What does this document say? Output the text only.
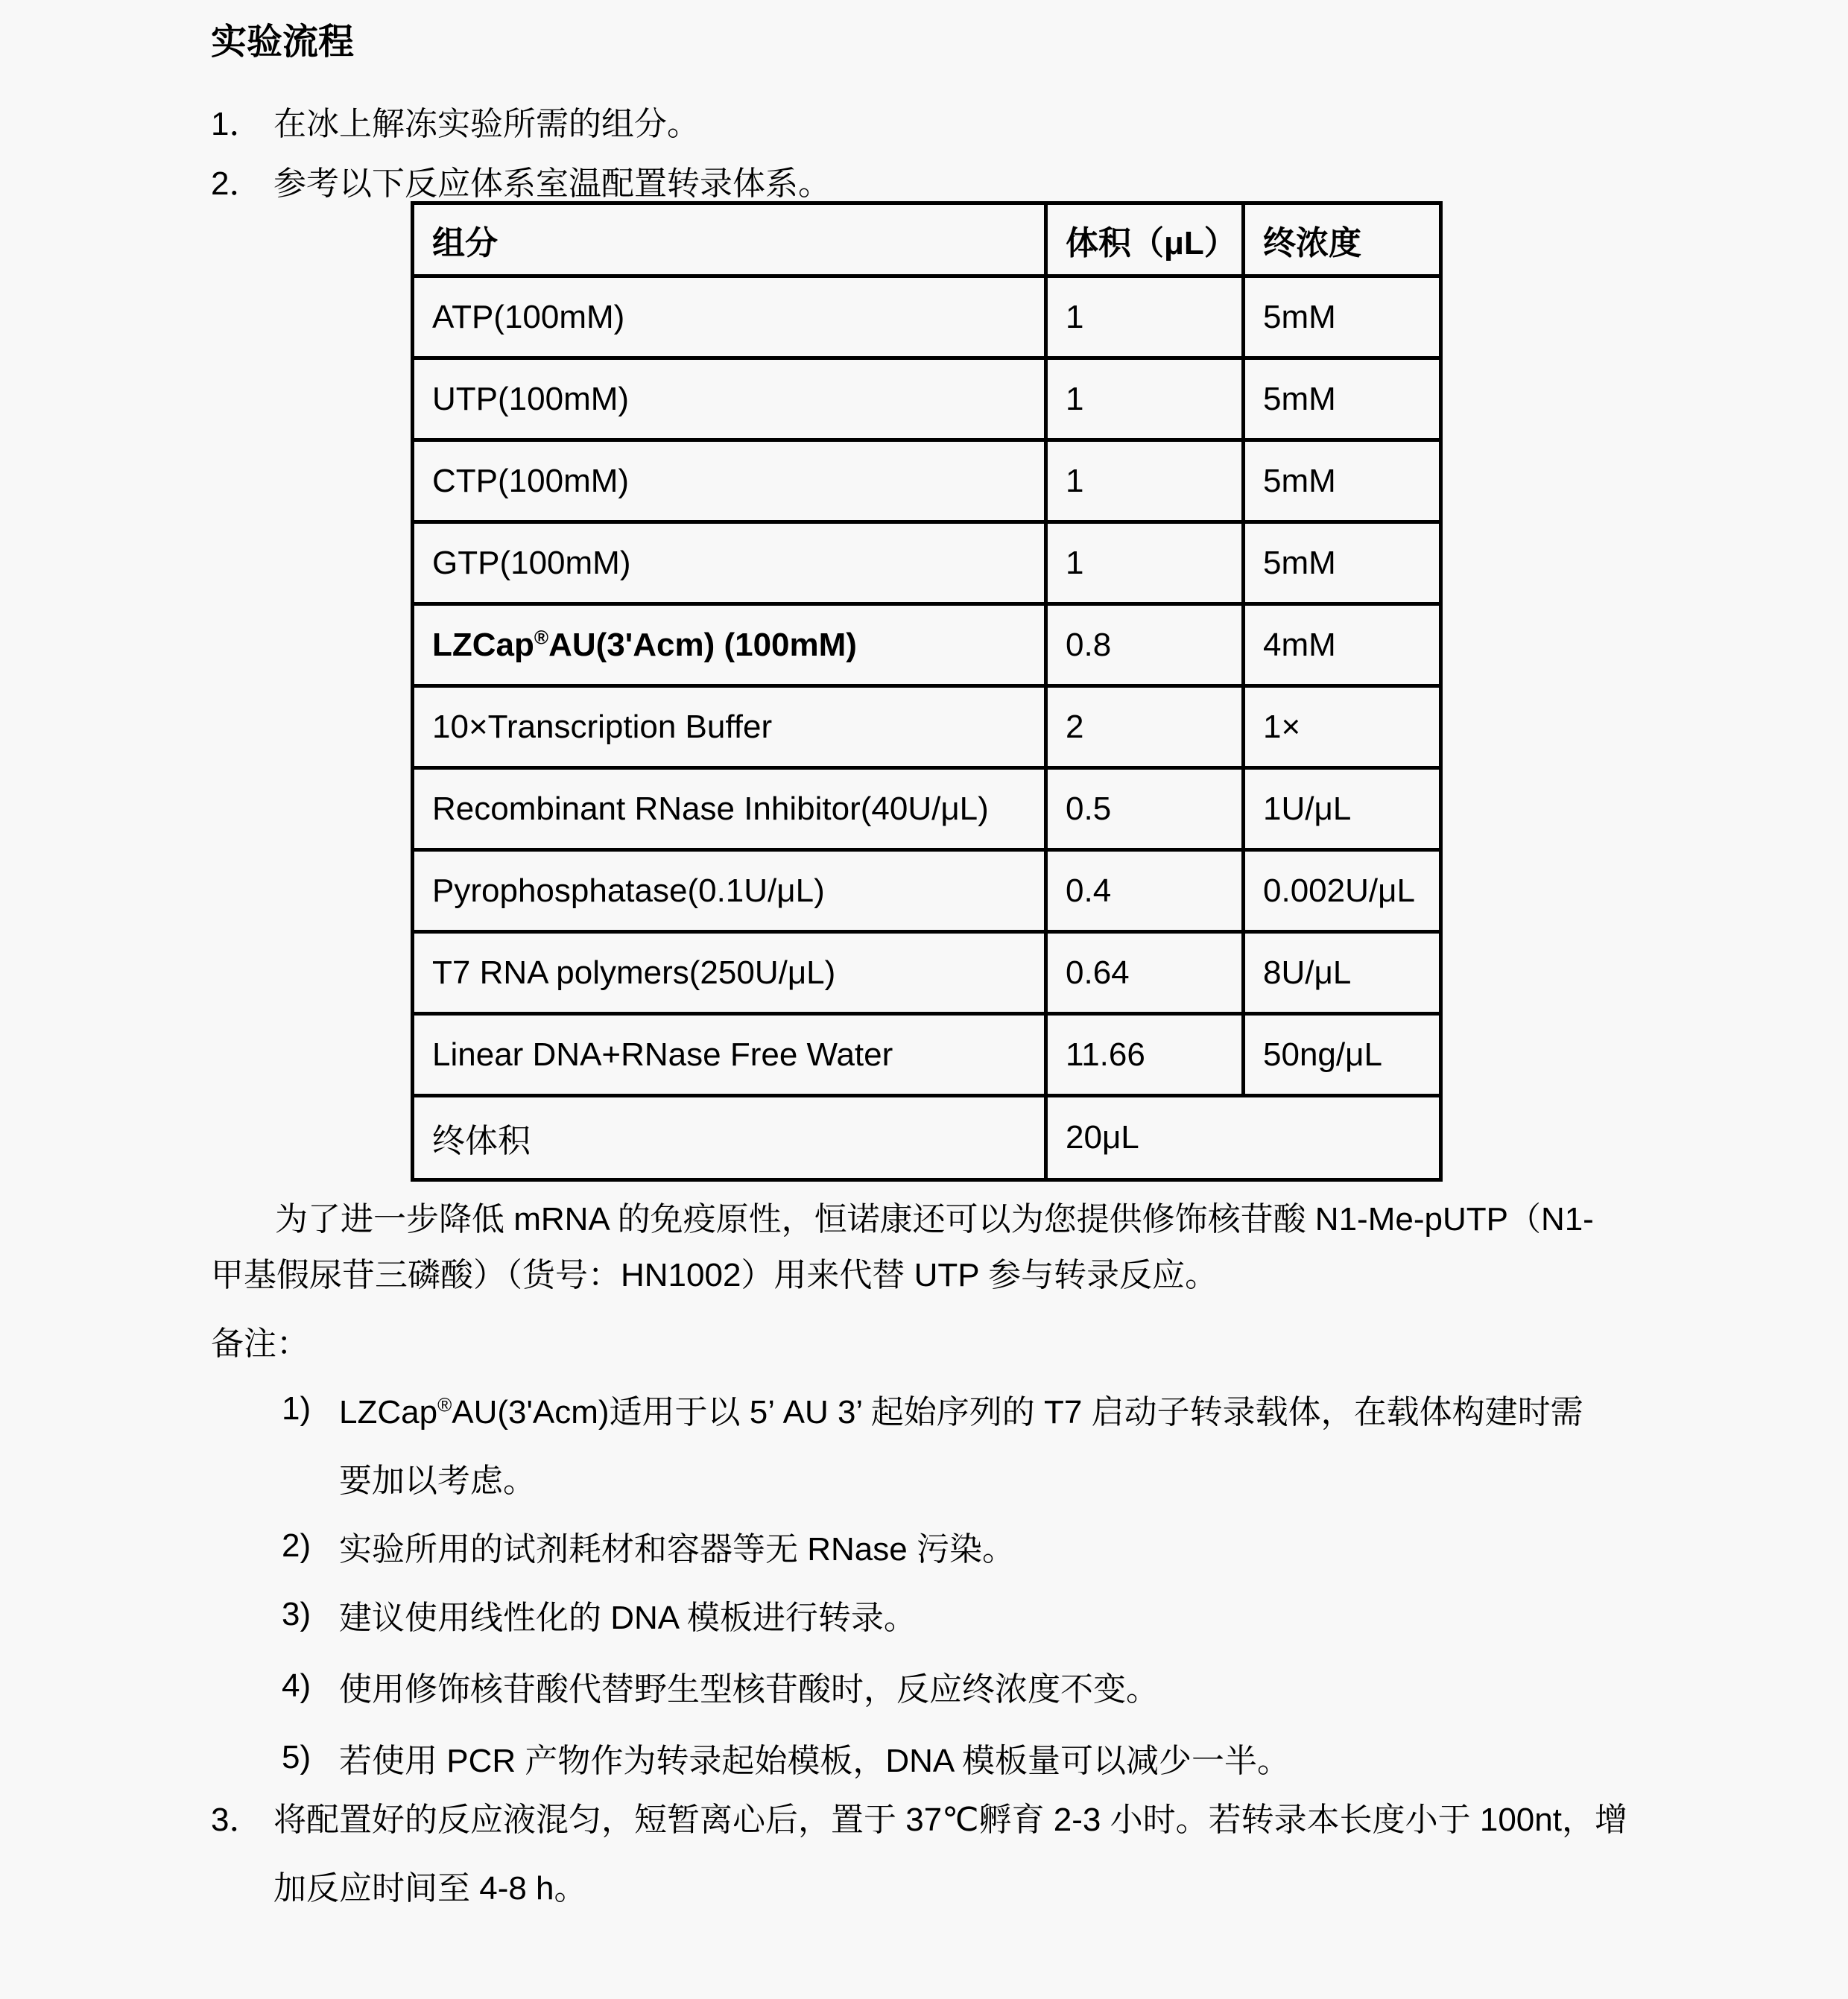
实验流程
1． 在冰上解冻实验所需的组分。
2． 参考以下反应体系室温配置转录体系。
组分	体积（μL）	终浓度
ATP(100mM)	1	5mM
UTP(100mM)	1	5mM
CTP(100mM)	1	5mM
GTP(100mM)	1	5mM
LZCap®AU(3'Acm) (100mM)	0.8	4mM
10×Transcription Buffer	2	1×
Recombinant RNase Inhibitor(40U/μL)	0.5	1U/μL
Pyrophosphatase(0.1U/μL)	0.4	0.002U/μL
T7 RNA polymers(250U/μL)	0.64	8U/μL
Linear DNA+RNase Free Water	11.66	50ng/μL
终体积	20μL	
为了进一步降低 mRNA 的免疫原性，恒诺康还可以为您提供修饰核苷酸 N1-Me-pUTP（N1-
甲基假尿苷三磷酸）（货号：HN1002）用来代替 UTP 参与转录反应。
备注：
1) LZCap®AU(3'Acm)适用于以 5’ AU 3’ 起始序列的 T7 启动子转录载体，在载体构建时需
要加以考虑。
2) 实验所用的试剂耗材和容器等无 RNase 污染。
3) 建议使用线性化的 DNA 模板进行转录。
4) 使用修饰核苷酸代替野生型核苷酸时，反应终浓度不变。
5) 若使用 PCR 产物作为转录起始模板，DNA 模板量可以减少一半。
3． 将配置好的反应液混匀，短暂离心后，置于 37℃孵育 2-3 小时。若转录本长度小于 100nt，增
加反应时间至 4-8 h。
